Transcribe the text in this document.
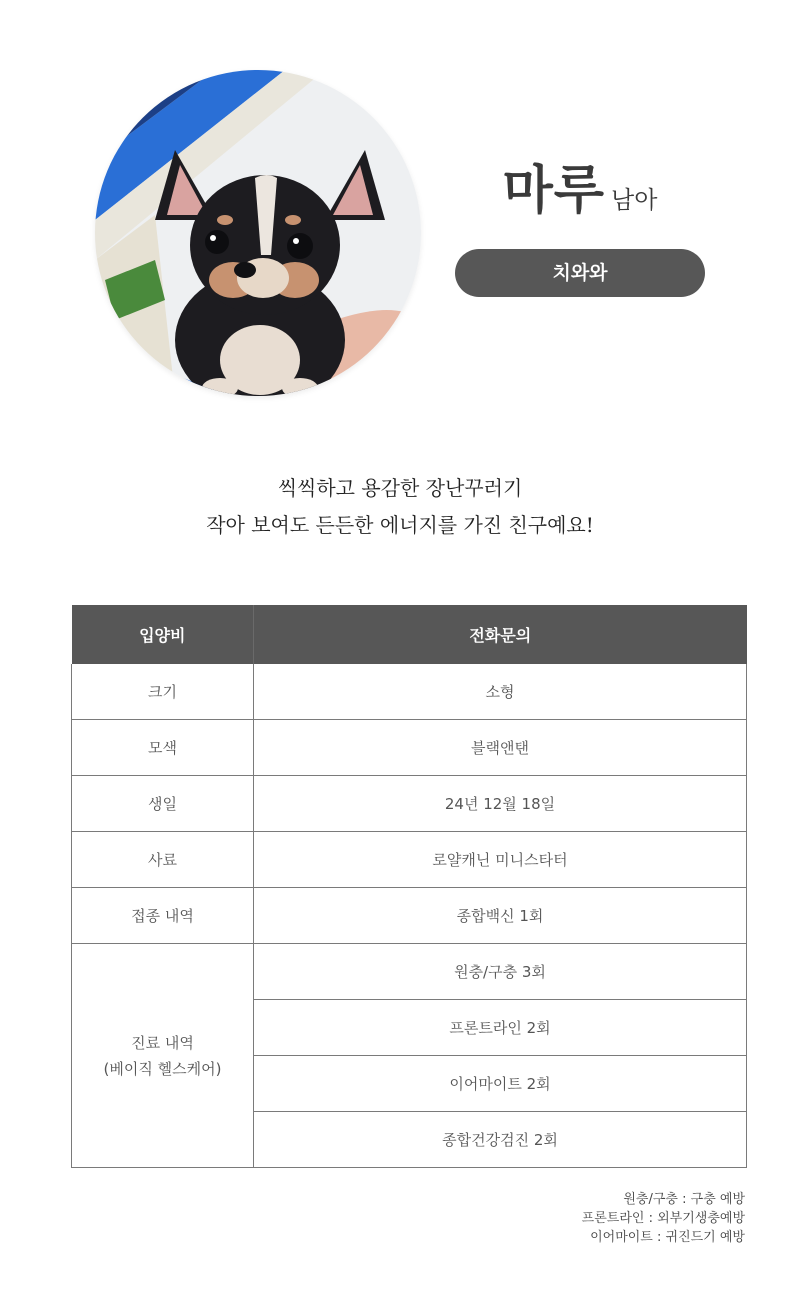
마루 남아
치와와
씩씩하고 용감한 장난꾸러기
작아 보여도 든든한 에너지를 가진 친구예요!
입양비	전화문의
크기	소형
모색	블랙앤탠
생일	24년 12월 18일
사료	로얄캐닌 미니스타터
접종 내역	종합백신 1회

진료 내역
(베이직 헬스케어)	원충/구충 3회
	프론트라인 2회
	이어마이트 2회
	종합건강검진 2회
원충/구충 : 구충 예방
프론트라인 : 외부기생충예방
이어마이트 : 귀진드기 예방
